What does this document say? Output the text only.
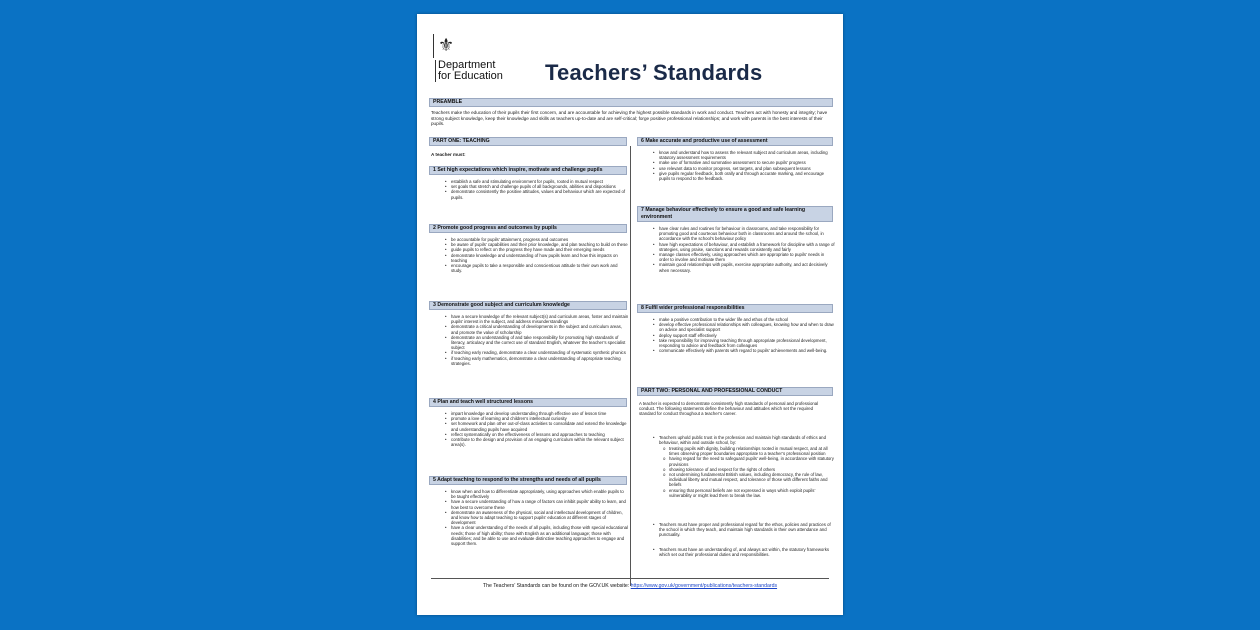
⚜
Department
for Education Teachers’ Standards
PREAMBLE
Teachers make the education of their pupils their first concern, and are accountable for achieving the highest possible standards in work and conduct. Teachers act with honesty and integrity; have strong subject knowledge, keep their knowledge and skills as teachers up-to-date and are self-critical; forge positive professional relationships; and work with parents in the best interests of their pupils.
PART ONE: TEACHING
A teacher must:
1 Set high expectations which inspire, motivate and challenge pupils
• establish a safe and stimulating environment for pupils, rooted in mutual respect
• set goals that stretch and challenge pupils of all backgrounds, abilities and dispositions
• demonstrate consistently the positive attitudes, values and behaviour which are expected of pupils.
2 Promote good progress and outcomes by pupils
• be accountable for pupils’ attainment, progress and outcomes
• be aware of pupils’ capabilities and their prior knowledge, and plan teaching to build on these
• guide pupils to reflect on the progress they have made and their emerging needs
• demonstrate knowledge and understanding of how pupils learn and how this impacts on teaching
• encourage pupils to take a responsible and conscientious attitude to their own work and study.
3 Demonstrate good subject and curriculum knowledge
• have a secure knowledge of the relevant subject(s) and curriculum areas, foster and maintain pupils’ interest in the subject, and address misunderstandings
• demonstrate a critical understanding of developments in the subject and curriculum areas, and promote the value of scholarship
• demonstrate an understanding of and take responsibility for promoting high standards of literacy, articulacy and the correct use of standard English, whatever the teacher’s specialist subject
• if teaching early reading, demonstrate a clear understanding of systematic synthetic phonics
• if teaching early mathematics, demonstrate a clear understanding of appropriate teaching strategies.
4 Plan and teach well structured lessons
• impart knowledge and develop understanding through effective use of lesson time
• promote a love of learning and children’s intellectual curiosity
• set homework and plan other out-of-class activities to consolidate and extend the knowledge and understanding pupils have acquired
• reflect systematically on the effectiveness of lessons and approaches to teaching
• contribute to the design and provision of an engaging curriculum within the relevant subject area(s).
5 Adapt teaching to respond to the strengths and needs of all pupils
• know when and how to differentiate appropriately, using approaches which enable pupils to be taught effectively
• have a secure understanding of how a range of factors can inhibit pupils’ ability to learn, and how best to overcome these
• demonstrate an awareness of the physical, social and intellectual development of children, and know how to adapt teaching to support pupils’ education at different stages of development
• have a clear understanding of the needs of all pupils, including those with special educational needs; those of high ability; those with English as an additional language; those with disabilities; and be able to use and evaluate distinctive teaching approaches to engage and support them.
6 Make accurate and productive use of assessment
• know and understand how to assess the relevant subject and curriculum areas, including statutory assessment requirements
• make use of formative and summative assessment to secure pupils’ progress
• use relevant data to monitor progress, set targets, and plan subsequent lessons
• give pupils regular feedback, both orally and through accurate marking, and encourage pupils to respond to the feedback.
7 Manage behaviour effectively to ensure a good and safe learning environment
• have clear rules and routines for behaviour in classrooms, and take responsibility for promoting good and courteous behaviour both in classrooms and around the school, in accordance with the school’s behaviour policy
• have high expectations of behaviour, and establish a framework for discipline with a range of strategies, using praise, sanctions and rewards consistently and fairly
• manage classes effectively, using approaches which are appropriate to pupils’ needs in order to involve and motivate them
• maintain good relationships with pupils, exercise appropriate authority, and act decisively when necessary.
8 Fulfil wider professional responsibilities
• make a positive contribution to the wider life and ethos of the school
• develop effective professional relationships with colleagues, knowing how and when to draw on advice and specialist support
• deploy support staff effectively
• take responsibility for improving teaching through appropriate professional development, responding to advice and feedback from colleagues
• communicate effectively with parents with regard to pupils’ achievements and well-being.
PART TWO: PERSONAL AND PROFESSIONAL CONDUCT
A teacher is expected to demonstrate consistently high standards of personal and professional conduct. The following statements define the behaviour and attitudes which set the required standard for conduct throughout a teacher’s career.
• Teachers uphold public trust in the profession and maintain high standards of ethics and behaviour, within and outside school, by:
o treating pupils with dignity, building relationships rooted in mutual respect, and at all times observing proper boundaries appropriate to a teacher’s professional position
o having regard for the need to safeguard pupils’ well-being, in accordance with statutory provisions
o showing tolerance of and respect for the rights of others
o not undermining fundamental British values, including democracy, the rule of law, individual liberty and mutual respect, and tolerance of those with different faiths and beliefs
o ensuring that personal beliefs are not expressed in ways which exploit pupils’ vulnerability or might lead them to break the law.
• Teachers must have proper and professional regard for the ethos, policies and practices of the school in which they teach, and maintain high standards in their own attendance and punctuality.
• Teachers must have an understanding of, and always act within, the statutory frameworks which set out their professional duties and responsibilities.
The Teachers’ Standards can be found on the GOV.UK website: https://www.gov.uk/government/publications/teachers-standards
